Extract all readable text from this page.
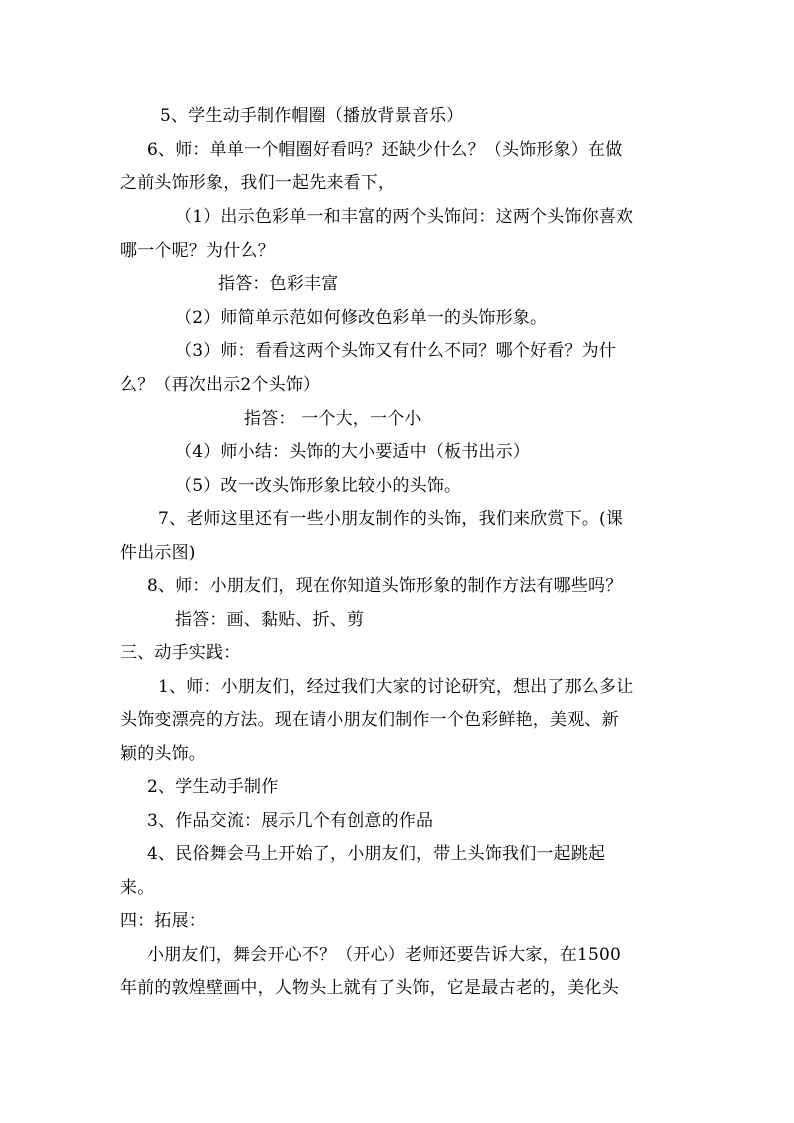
5、学生动手制作帽圈（播放背景音乐）
6、师：单单一个帽圈好看吗？还缺少什么？（头饰形象）在做
之前头饰形象，我们一起先来看下，
（1）出示色彩单一和丰富的两个头饰问：这两个头饰你喜欢
哪一个呢？为什么？
指答：色彩丰富
（2）师简单示范如何修改色彩单一的头饰形象。
（3）师：看看这两个头饰又有什么不同？哪个好看？为什
么？（再次出示2个头饰）
指答： 一个大，一个小
（4）师小结：头饰的大小要适中（板书出示）
（5）改一改头饰形象比较小的头饰。
7、老师这里还有一些小朋友制作的头饰，我们来欣赏下。(课
件出示图)
8、师：小朋友们，现在你知道头饰形象的制作方法有哪些吗？
指答：画、黏贴、折、剪
三、动手实践：
1、师：小朋友们，经过我们大家的讨论研究，想出了那么多让
头饰变漂亮的方法。现在请小朋友们制作一个色彩鲜艳，美观、新
颖的头饰。
2、学生动手制作
3、作品交流：展示几个有创意的作品
4、民俗舞会马上开始了，小朋友们，带上头饰我们一起跳起
来。
四：拓展：
小朋友们，舞会开心不？（开心）老师还要告诉大家，在1500
年前的敦煌壁画中，人物头上就有了头饰，它是最古老的，美化头
